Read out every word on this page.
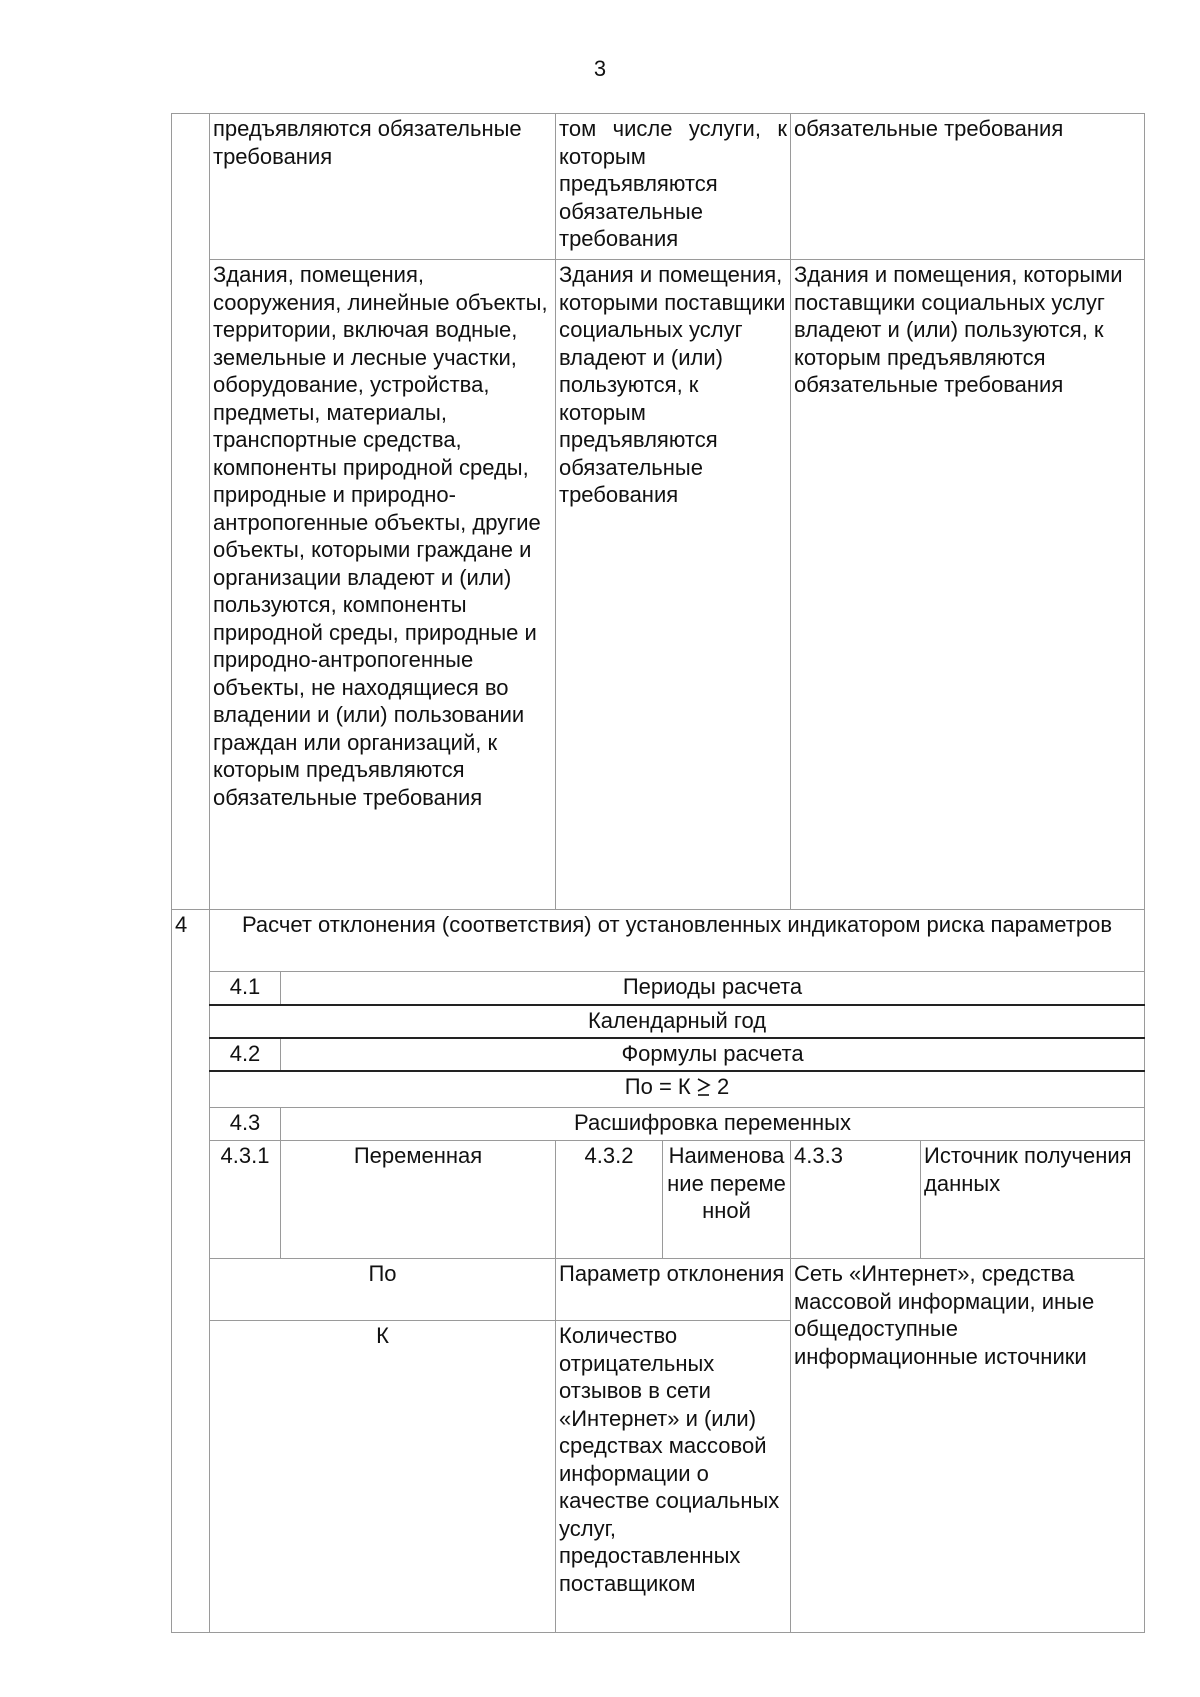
3
	предъявляются обязательные требования		том числе услуги, к которым предъявляются обязательные требования		обязательные требования	
	Здания, помещения, сооружения, линейные объекты, территории, включая водные, земельные и лесные участки, оборудование, устройства, предметы, материалы, транспортные средства, компоненты природной среды, природные и природно-антропогенные объекты, другие объекты, которыми граждане и организации владеют и (или) пользуются, компоненты природной среды, природные и природно-антропогенные объекты, не находящиеся во владении и (или) пользовании граждан или организаций, к которым предъявляются обязательные требования		Здания и помещения, которыми поставщики социальных услуг владеют и (или) пользуются, к которым предъявляются обязательные требования		Здания и помещения, которыми поставщики социальных услуг владеют и (или) пользуются, к которым предъявляются обязательные требования	
4	Расчет отклонения (соответствия) от установленных индикатором риска параметров					
	4.1	Периоды расчета				
	Календарный год					
	4.2	Формулы расчета				
	По = К 2					
	4.3	Расшифровка переменных				
	4.3.1	Переменная	4.3.2	Наименование переменной	4.3.3	Источник получения данных
	По		Параметр отклонения		Сеть «Интернет», средства массовой информации, иные общедоступные информационные источники	
	К		Количество отрицательных отзывов в сети «Интернет» и (или) средствах массовой информации о качестве социальных услуг, предоставленных поставщиком			
